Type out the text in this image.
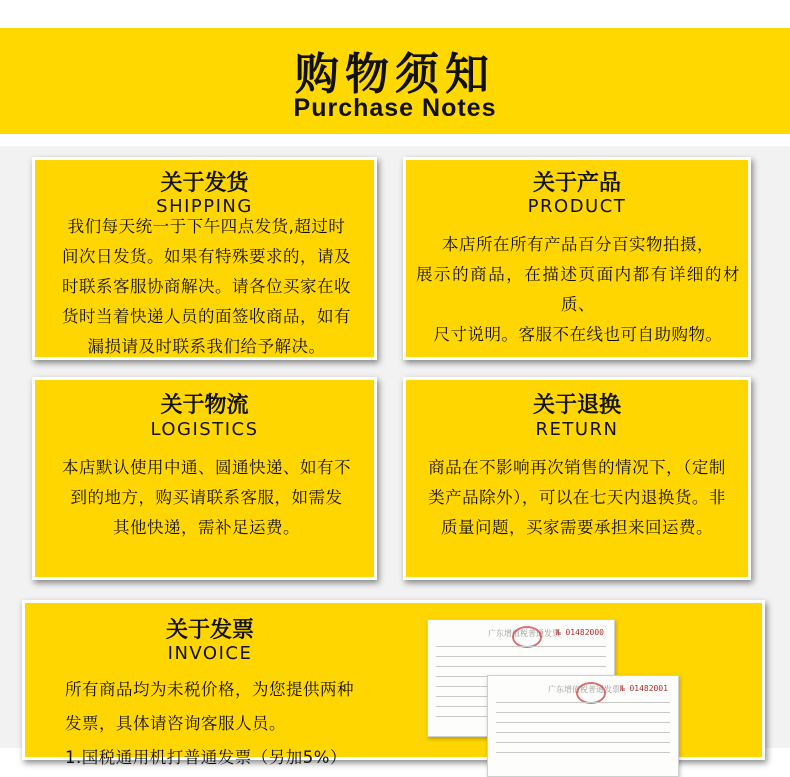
购物须知
Purchase Notes
关于发货
SHIPPING
我们每天统一于下午四点发货,超过时
间次日发货。如果有特殊要求的，请及
时联系客服协商解决。请各位买家在收
货时当着快递人员的面签收商品，如有
漏损请及时联系我们给予解决。
关于产品
PRODUCT
本店所在所有产品百分百实物拍摄，
展示的商品，在描述页面内都有详细的材质、
尺寸说明。客服不在线也可自助购物。
关于物流
LOGISTICS
本店默认使用中通、圆通快递、如有不
到的地方，购买请联系客服，如需发
其他快递，需补足运费。
关于退换
RETURN
商品在不影响再次销售的情况下，（定制
类产品除外），可以在七天内退换货。非
质量问题，买家需要承担来回运费。
关于发票
INVOICE
所有商品均为未税价格，为您提供两种
发票，具体请咨询客服人员。
1.国税通用机打普通发票（另加5%）
广东增值税普通发票
№ 01482000
广东增值税普通发票 № 01482001
